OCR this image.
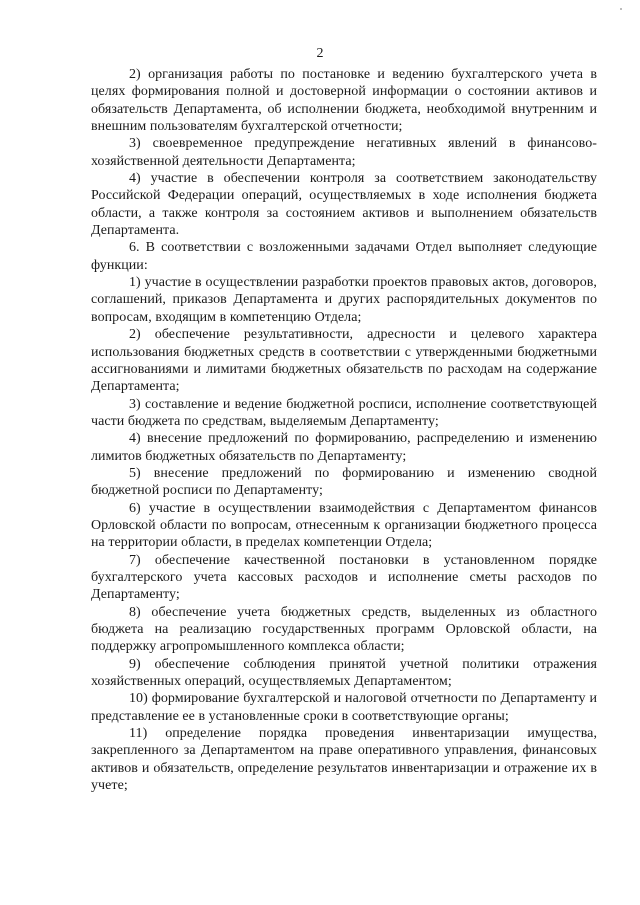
2

2) организация работы по постановке и ведению бухгалтерского учета в целях формирования полной и достоверной информации о состоянии активов и обязательств Департамента, об исполнении бюджета, необходимой внутренним и внешним пользователям бухгалтерской отчетности;

3) своевременное предупреждение негативных явлений в финансово-хозяйственной деятельности Департамента;

4) участие в обеспечении контроля за соответствием законодательству Российской Федерации операций, осуществляемых в ходе исполнения бюджета области, а также контроля за состоянием активов и выполнением обязательств Департамента.

6. В соответствии с возложенными задачами Отдел выполняет следующие функции:

1) участие в осуществлении разработки проектов правовых актов, договоров, соглашений, приказов Департамента и других распорядительных документов по вопросам, входящим в компетенцию Отдела;

2) обеспечение результативности, адресности и целевого характера использования бюджетных средств в соответствии с утвержденными бюджетными ассигнованиями и лимитами бюджетных обязательств по расходам на содержание Департамента;

3) составление и ведение бюджетной росписи, исполнение соответствующей части бюджета по средствам, выделяемым Департаменту;

4) внесение предложений по формированию, распределению и изменению лимитов бюджетных обязательств по Департаменту;

5) внесение предложений по формированию и изменению сводной бюджетной росписи по Департаменту;

6) участие в осуществлении взаимодействия с Департаментом финансов Орловской области по вопросам, отнесенным к организации бюджетного процесса на территории области, в пределах компетенции Отдела;

7) обеспечение качественной постановки в установленном порядке бухгалтерского учета кассовых расходов и исполнение сметы расходов по Департаменту;

8) обеспечение учета бюджетных средств, выделенных из областного бюджета на реализацию государственных программ Орловской области, на поддержку агропромышленного комплекса области;

9) обеспечение соблюдения принятой учетной политики отражения хозяйственных операций, осуществляемых Департаментом;

10) формирование бухгалтерской и налоговой отчетности по Департаменту и представление ее в установленные сроки в соответствующие органы;

11) определение порядка проведения инвентаризации имущества, закрепленного за Департаментом на праве оперативного управления, финансовых активов и обязательств, определение результатов инвентаризации и отражение их в учете;
